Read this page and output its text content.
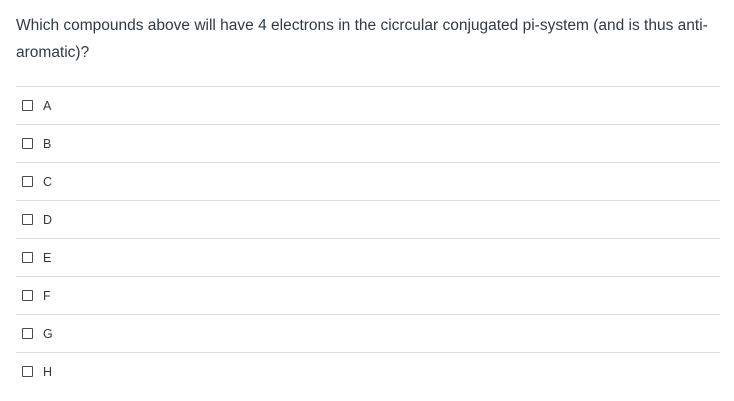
Which compounds above will have 4 electrons in the cicrcular conjugated pi-system (and is thus anti-aromatic)?
A
B
C
D
E
F
G
H
